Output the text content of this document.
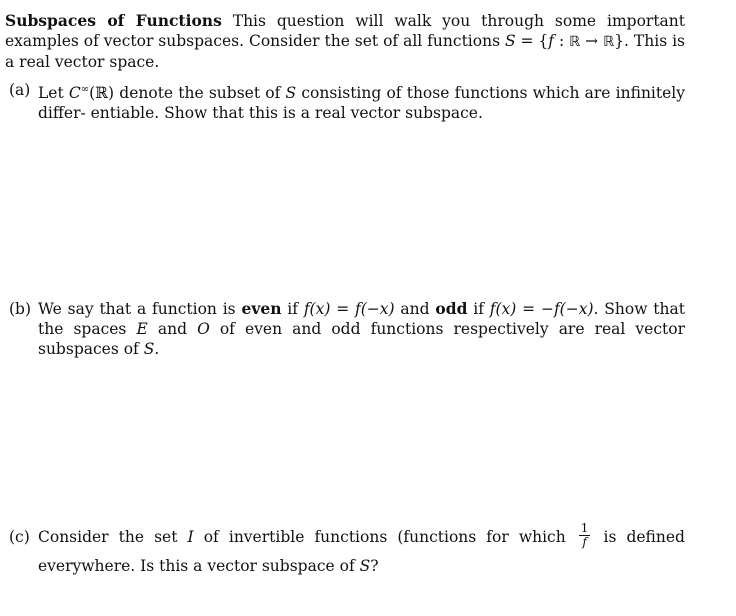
Subspaces of Functions This question will walk you through some important examples of vector subspaces. Consider the set of all functions S = {f : ℝ → ℝ}. This is a real vector space.
(a) Let C∞(ℝ) denote the subset of S consisting of those functions which are infinitely differ- entiable. Show that this is a real vector subspace.
(b) We say that a function is even if f(x) = f(−x) and odd if f(x) = −f(−x). Show that the spaces E and O of even and odd functions respectively are real vector subspaces of S.
(c) Consider the set I of invertible functions (functions for which $\frac{1}{f}$ is defined everywhere. Is this a vector subspace of S?
